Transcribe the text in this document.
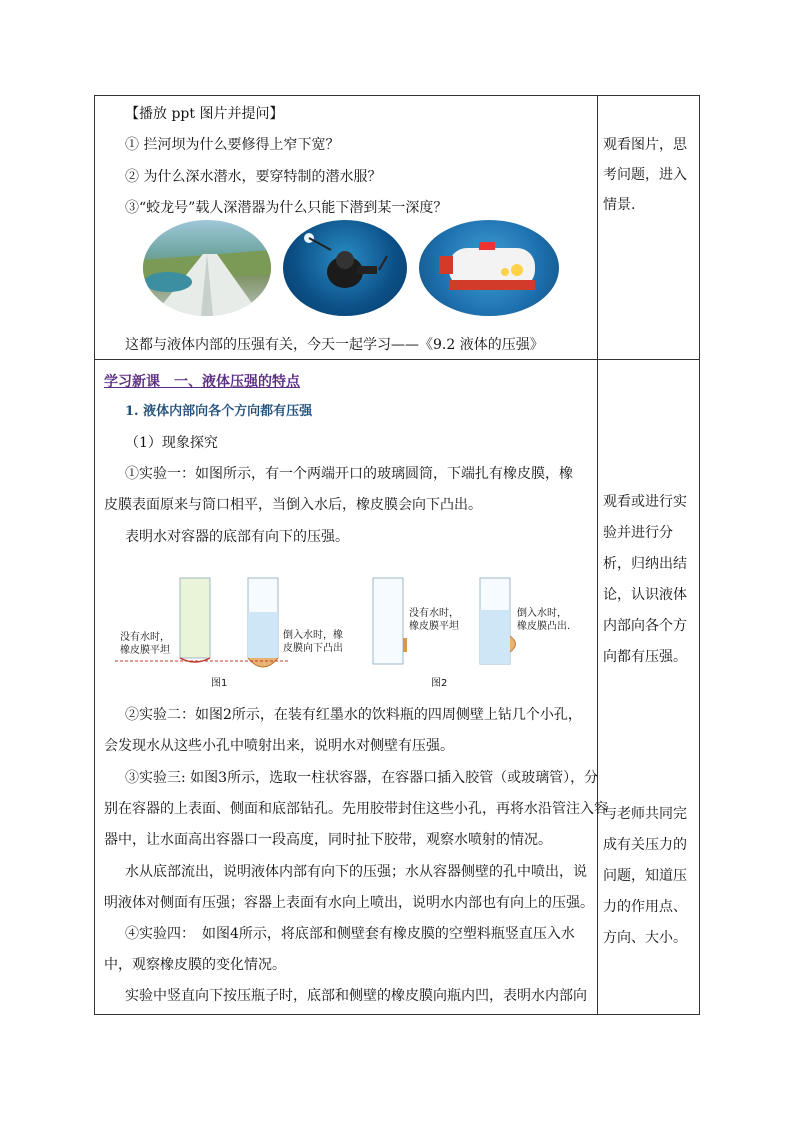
【播放 ppt 图片并提问】
① 拦河坝为什么要修得上窄下宽？
② 为什么深水潜水，要穿特制的潜水服？
③“蛟龙号”载人深潜器为什么只能下潜到某一深度？
这都与液体内部的压强有关，今天一起学习——《9.2 液体的压强》
观看图片，思考问题，进入情景.
学习新课　一、液体压强的特点
1. 液体内部向各个方向都有压强
（1）现象探究
①实验一：如图所示，有一个两端开口的玻璃圆筒，下端扎有橡皮膜，橡
皮膜表面原来与筒口相平，当倒入水后，橡皮膜会向下凸出。
表明水对容器的底部有向下的压强。
没有水时，
橡皮膜平坦
倒入水时，橡
皮膜向下凸出
图1
没有水时，
橡皮膜平坦
倒入水时，
橡皮膜凸出.
图2
②实验二：如图2所示，在装有红墨水的饮料瓶的四周侧壁上钻几个小孔，
会发现水从这些小孔中喷射出来，说明水对侧壁有压强。
③实验三: 如图3所示，选取一柱状容器，在容器口插入胶管（或玻璃管），分
别在容器的上表面、侧面和底部钻孔。先用胶带封住这些小孔，再将水沿管注入容
器中，让水面高出容器口一段高度，同时扯下胶带，观察水喷射的情况。
水从底部流出，说明液体内部有向下的压强；水从容器侧壁的孔中喷出，说
明液体对侧面有压强；容器上表面有水向上喷出，说明水内部也有向上的压强。
④实验四：　如图4所示，将底部和侧壁套有橡皮膜的空塑料瓶竖直压入水
中，观察橡皮膜的变化情况。
实验中竖直向下按压瓶子时，底部和侧壁的橡皮膜向瓶内凹，表明水内部向
观看或进行实
验并进行分
析，归纳出结
论，认识液体
内部向各个方
向都有压强。
与老师共同完
成有关压力的
问题，知道压
力的作用点、
方向、大小。
